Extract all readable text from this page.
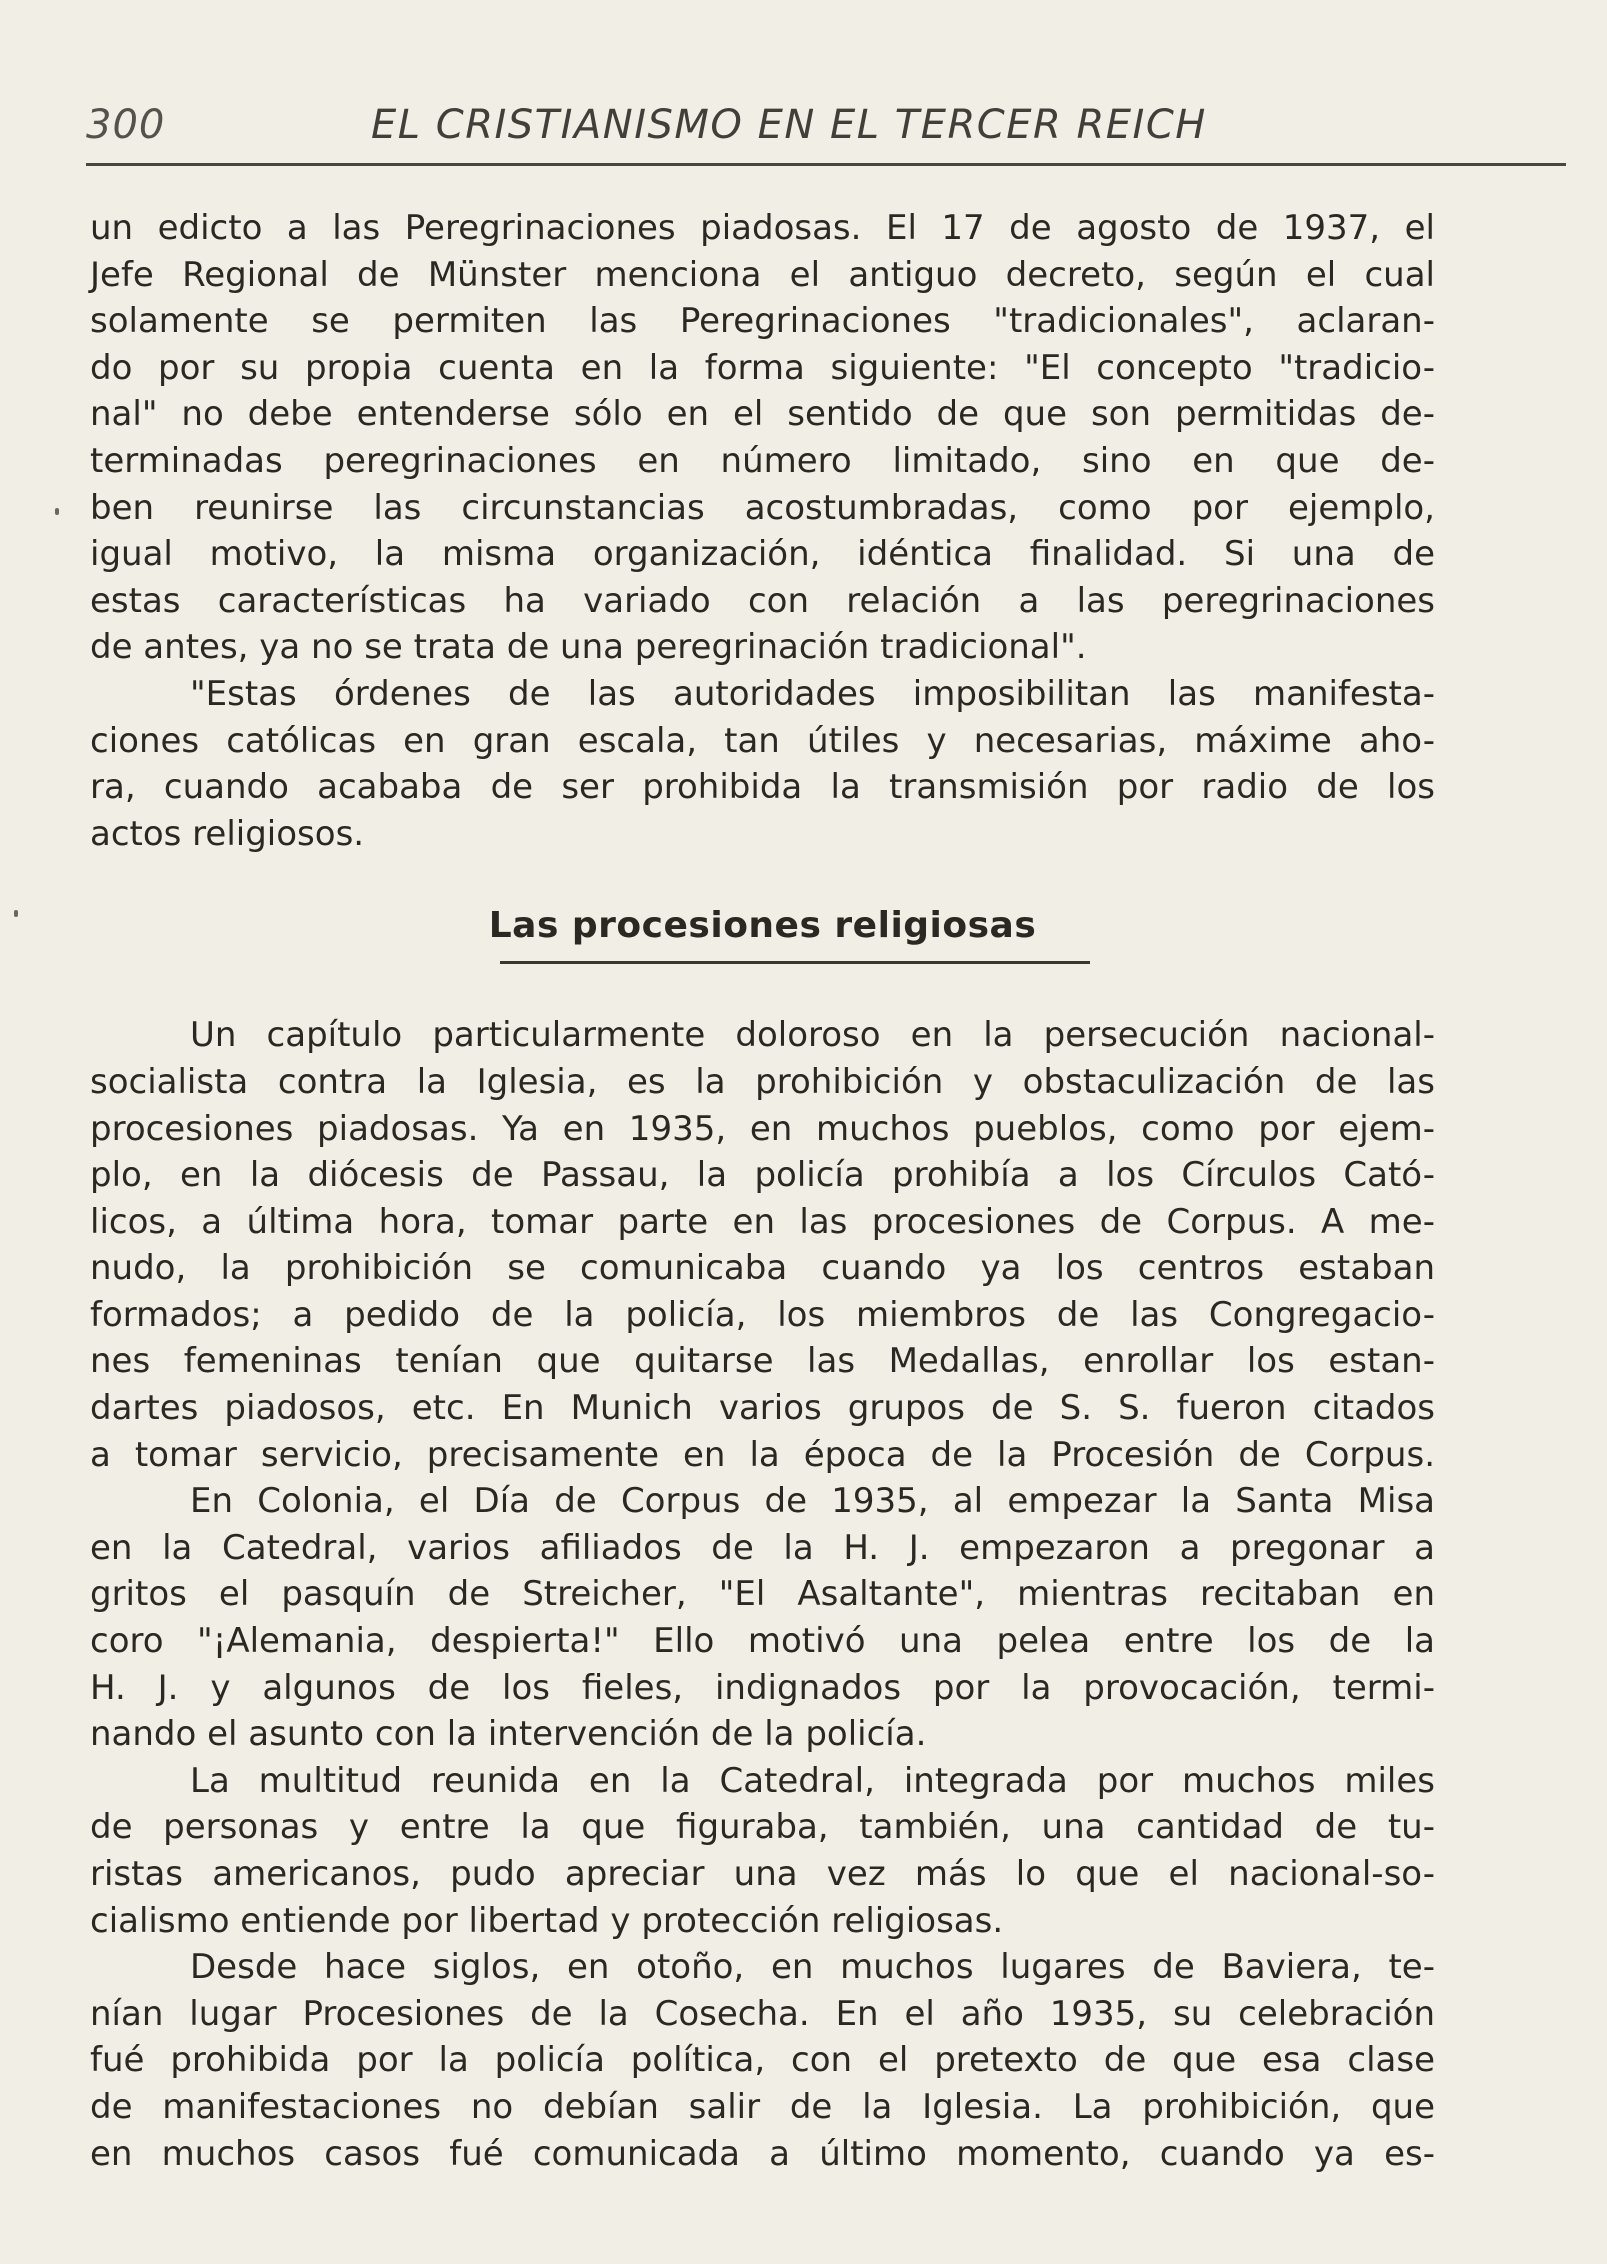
300	EL CRISTIANISMO EN EL TERCER REICH
un edicto a las Peregrinaciones piadosas. El 17 de agosto de 1937, el
Jefe Regional de Münster menciona el antiguo decreto, según el cual
solamente se permiten las Peregrinaciones "tradicionales", aclaran-
do por su propia cuenta en la forma siguiente: "El concepto "tradicio-
nal" no debe entenderse sólo en el sentido de que son permitidas de-
terminadas peregrinaciones en número limitado, sino en que de-
ben reunirse las circunstancias acostumbradas, como por ejemplo,
igual motivo, la misma organización, idéntica finalidad. Si una de
estas características ha variado con relación a las peregrinaciones
de antes, ya no se trata de una peregrinación tradicional".
"Estas órdenes de las autoridades imposibilitan las manifesta-
ciones católicas en gran escala, tan útiles y necesarias, máxime aho-
ra, cuando acababa de ser prohibida la transmisión por radio de los
actos religiosos.
Las procesiones religiosas
Un capítulo particularmente doloroso en la persecución nacional-
socialista contra la Iglesia, es la prohibición y obstaculización de las
procesiones piadosas. Ya en 1935, en muchos pueblos, como por ejem-
plo, en la diócesis de Passau, la policía prohibía a los Círculos Cató-
licos, a última hora, tomar parte en las procesiones de Corpus. A me-
nudo, la prohibición se comunicaba cuando ya los centros estaban
formados; a pedido de la policía, los miembros de las Congregacio-
nes femeninas tenían que quitarse las Medallas, enrollar los estan-
dartes piadosos, etc. En Munich varios grupos de S. S. fueron citados
a tomar servicio, precisamente en la época de la Procesión de Corpus.
En Colonia, el Día de Corpus de 1935, al empezar la Santa Misa
en la Catedral, varios afiliados de la H. J. empezaron a pregonar a
gritos el pasquín de Streicher, "El Asaltante", mientras recitaban en
coro "¡Alemania, despierta!" Ello motivó una pelea entre los de la
H. J. y algunos de los fieles, indignados por la provocación, termi-
nando el asunto con la intervención de la policía.
La multitud reunida en la Catedral, integrada por muchos miles
de personas y entre la que figuraba, también, una cantidad de tu-
ristas americanos, pudo apreciar una vez más lo que el nacional-so-
cialismo entiende por libertad y protección religiosas.
Desde hace siglos, en otoño, en muchos lugares de Baviera, te-
nían lugar Procesiones de la Cosecha. En el año 1935, su celebración
fué prohibida por la policía política, con el pretexto de que esa clase
de manifestaciones no debían salir de la Iglesia. La prohibición, que
en muchos casos fué comunicada a último momento, cuando ya es-
